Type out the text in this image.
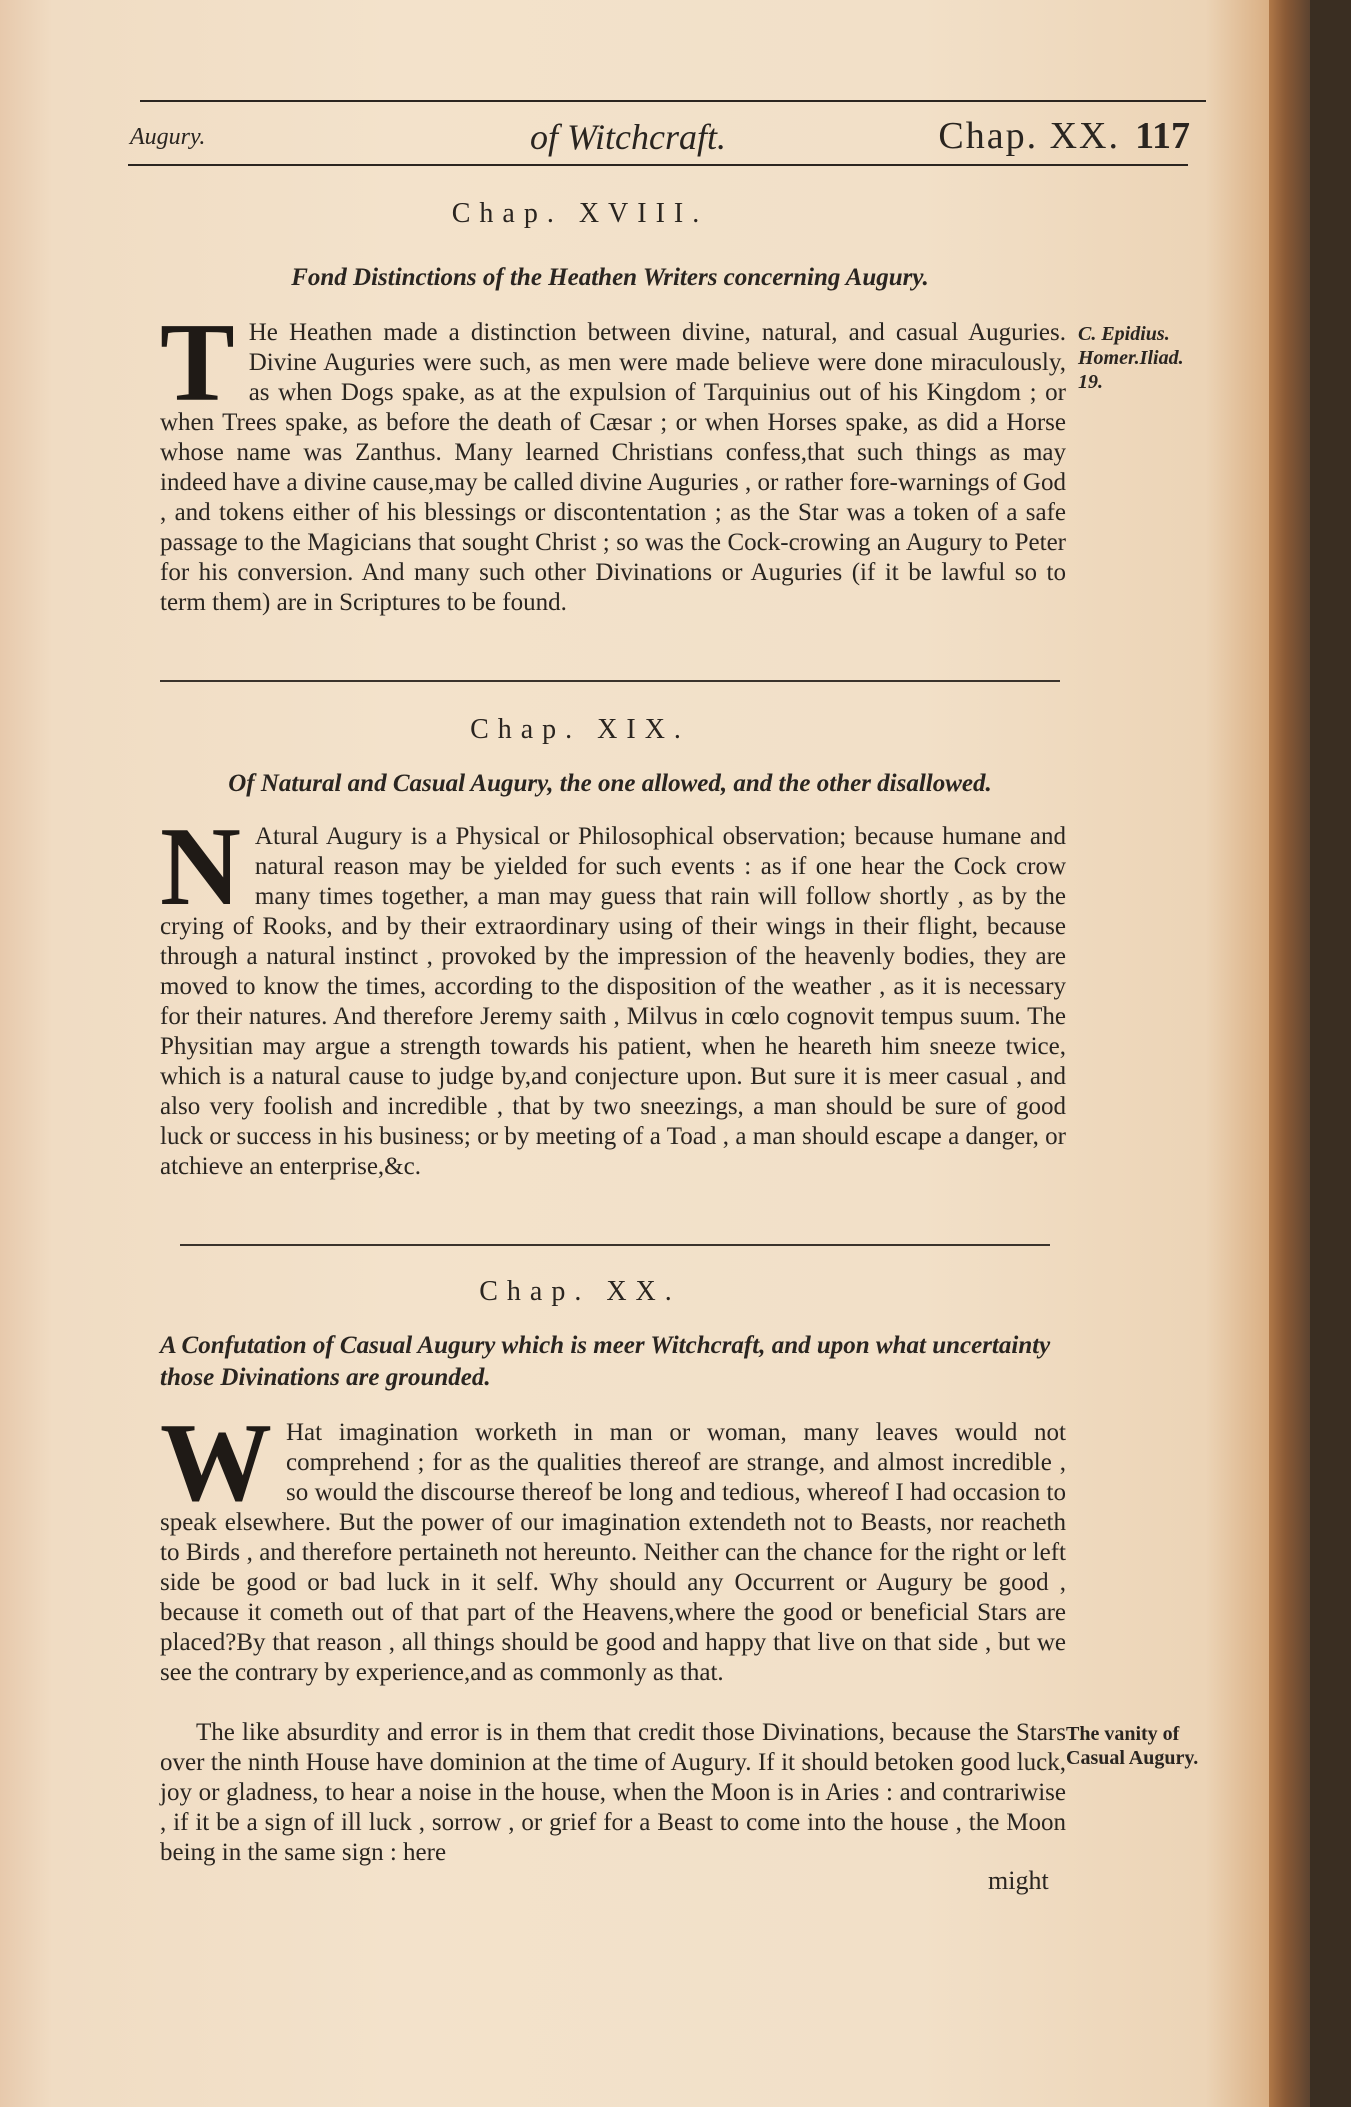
Augury.	of Witchcraft.	Chap. XX. 117
Chap. XVIII.
Fond Distinctions of the Heathen Writers concerning Augury.
T He Heathen made a distinction between divine, natural, and casual Auguries. Divine Auguries were such, as men were made believe were done miraculously, as when Dogs spake, as at the expulsion of Tarquinius out of his Kingdom ; or when Trees spake, as before the death of Cæsar ; or when Horses spake, as did a Horse whose name was Zanthus. Many learned Christians confess,that such things as may indeed have a divine cause,may be called divine Auguries , or rather fore-warnings of God , and tokens either of his blessings or discontentation ; as the Star was a token of a safe passage to the Magicians that sought Christ ; so was the Cock-crowing an Augury to Peter for his conversion. And many such other Divinations or Auguries (if it be lawful so to term them) are in Scriptures to be found.
C. Epidius. Homer.Iliad. 19.
Chap. XIX.
Of Natural and Casual Augury, the one allowed, and the other disallowed.
N Atural Augury is a Physical or Philosophical observation; because humane and natural reason may be yielded for such events : as if one hear the Cock crow many times together, a man may guess that rain will follow shortly , as by the crying of Rooks, and by their extraordinary using of their wings in their flight, because through a natural instinct , provoked by the impression of the heavenly bodies, they are moved to know the times, according to the disposition of the weather , as it is necessary for their natures. And therefore Jeremy saith , Milvus in cœlo cognovit tempus suum. The Physitian may argue a strength towards his patient, when he heareth him sneeze twice, which is a natural cause to judge by,and conjecture upon. But sure it is meer casual , and also very foolish and incredible , that by two sneezings, a man should be sure of good luck or success in his business; or by meeting of a Toad , a man should escape a danger, or atchieve an enterprise,&c.
Chap. XX.
A Confutation of Casual Augury which is meer Witchcraft, and upon what uncertainty those Divinations are grounded.
W Hat imagination worketh in man or woman, many leaves would not comprehend ; for as the qualities thereof are strange, and almost incredible , so would the discourse thereof be long and tedious, whereof I had occasion to speak elsewhere. But the power of our imagination extendeth not to Beasts, nor reacheth to Birds , and therefore pertaineth not hereunto. Neither can the chance for the right or left side be good or bad luck in it self. Why should any Occurrent or Augury be good , because it cometh out of that part of the Heavens,where the good or beneficial Stars are placed?By that reason , all things should be good and happy that live on that side , but we see the contrary by experience,and as commonly as that.
The like absurdity and error is in them that credit those Divinations, because the Stars over the ninth House have dominion at the time of Augury. If it should betoken good luck, joy or gladness, to hear a noise in the house, when the Moon is in Aries : and contrariwise , if it be a sign of ill luck , sorrow , or grief for a Beast to come into the house , the Moon being in the same sign : here
The vanity of Casual Augury.
might
